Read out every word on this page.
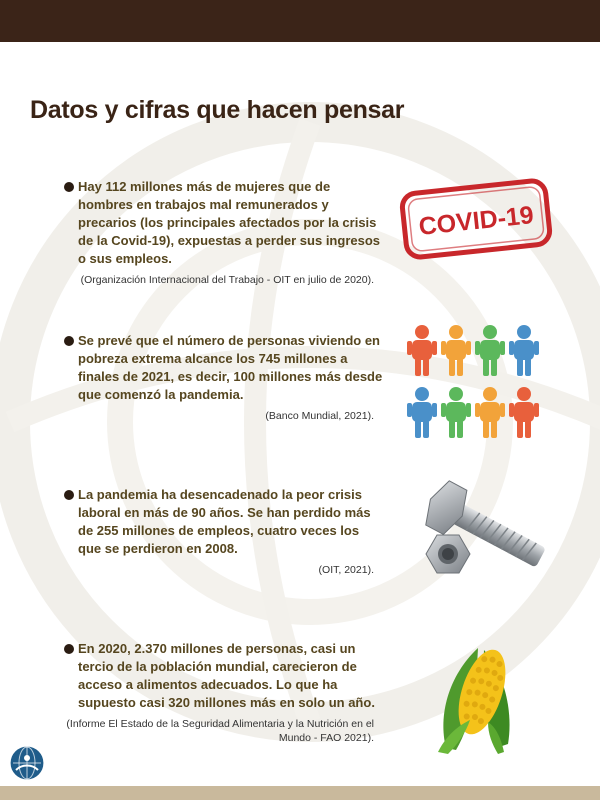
Datos y cifras que hacen pensar
Hay 112 millones más de mujeres que de hombres en trabajos mal remunerados y precarios (los principales afectados por la crisis de la Covid-19), expuestas a perder sus ingresos o sus empleos.
(Organización Internacional del Trabajo - OIT en julio de 2020).
Se prevé que el número de personas viviendo en pobreza extrema alcance los 745 millones a finales de 2021, es decir, 100 millones más desde que comenzó la pandemia.
(Banco Mundial, 2021).
La pandemia ha desencadenado la peor crisis laboral en más de 90 años. Se han perdido más de 255 millones de empleos, cuatro veces los que se perdieron en 2008.
(OIT, 2021).
En 2020, 2.370 millones de personas, casi un tercio de la población mundial, carecieron de acceso a alimentos adecuados. Lo que ha supuesto casi 320 millones más en solo un año.
(Informe El Estado de la Seguridad Alimentaria y la Nutrición en el Mundo - FAO 2021).
COVID-19
